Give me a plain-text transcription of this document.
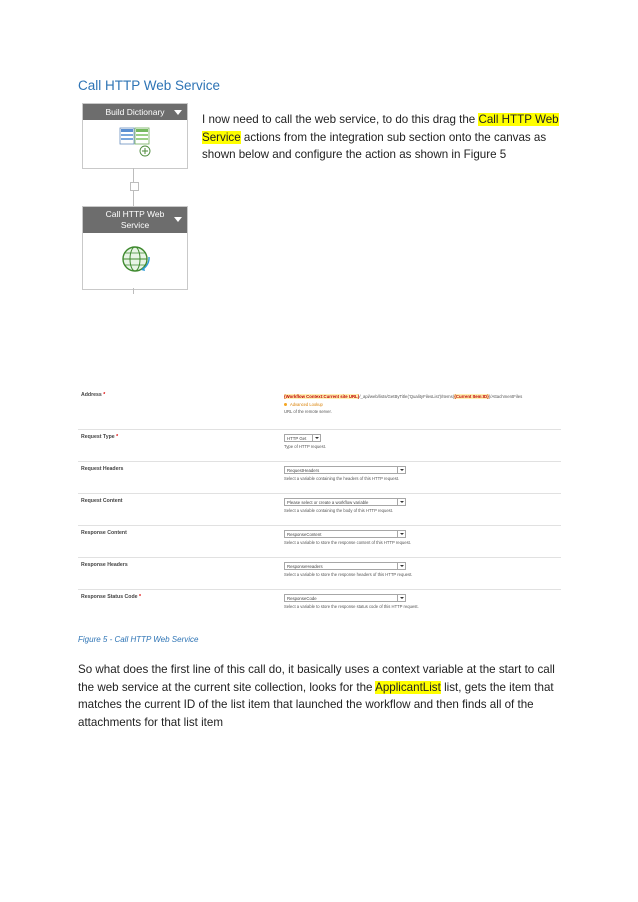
Call HTTP Web Service
I now need to call the web service, to do this drag the Call HTTP Web Service actions from the integration sub section onto the canvas as shown below and configure the action as shown in Figure 5
Build Dictionary
Call HTTP Web Service
Address *	{Workflow Context:Current site URL}/_api/web/lists/GetByTitle('QualityFilesList')/Items({Current Item:ID})/AttachmentFiles
Advanced Lookup
URL of the remote server.
Request Type *	HTTP Get
Type of HTTP request.
Request Headers	RequestHeaders
Select a variable containing the headers of this HTTP request.
Request Content	Please select or create a workflow variable
Select a variable containing the body of this HTTP request.
Response Content	ResponseContent
Select a variable to store the response content of this HTTP request.
Response Headers	ResponseHeaders
Select a variable to store the response headers of this HTTP request.
Response Status Code *	ResponseCode
Select a variable to store the response status code of this HTTP request.
Figure 5 - Call HTTP Web Service
So what does the first line of this call do, it basically uses a context variable at the start to call the web service at the current site collection, looks for the ApplicantList list, gets the item that matches the current ID of the list item that launched the workflow and then finds all of the attachments for that list item
